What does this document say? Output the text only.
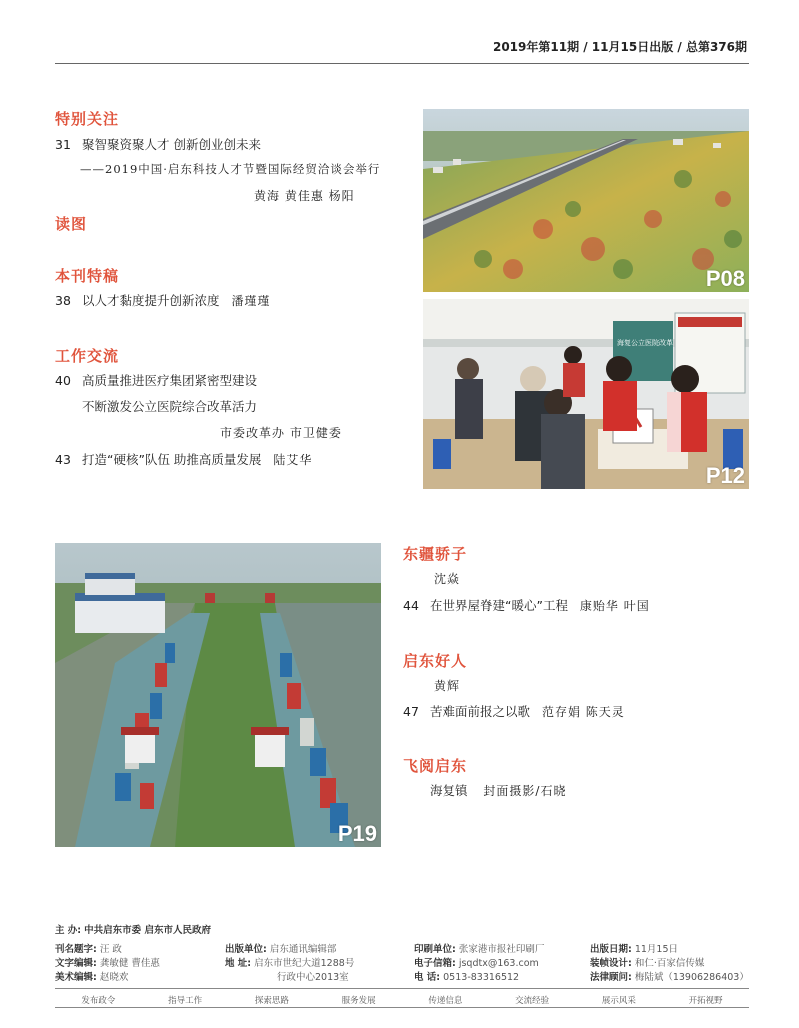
2019年第11期 / 11月15日出版 / 总第376期
特别关注
31 聚智聚资聚人才 创新创业创未来
——2019中国·启东科技人才节暨国际经贸洽谈会举行
黄海 黄佳惠 杨阳
读图
本刊特稿
38 以人才黏度提升创新浓度 潘瑾瑾
工作交流
40 高质量推进医疗集团紧密型建设
不断激发公立医院综合改革活力
市委改革办 市卫健委
43 打造“硬核”队伍 助推高质量发展 陆艾华
P08
海复公立医院改革
P12
P19
东疆骄子
沈焱
44 在世界屋脊建“暖心”工程 康贻华 叶国
启东好人
黄辉
47 苦难面前报之以歌 范存娟 陈天灵
飞阅启东
海复镇 封面摄影/石晓
主 办: 中共启东市委 启东市人民政府
刊名题字: 汪 政
文字编辑: 龚敏健 曹佳惠
美术编辑: 赵晓欢
出版单位: 启东通讯编辑部
地 址: 启东市世纪大道1288号
行政中心2013室
印刷单位: 张家港市报社印刷厂
电子信箱: jsqdtx@163.com
电 话: 0513-83316512
出版日期: 11月15日
装帧设计: 和仁·百家信传媒
法律顾问: 梅陆斌（13906286403）
发布政令	指导工作	探索思路	服务发展	传递信息	交流经验	展示风采	开拓视野
